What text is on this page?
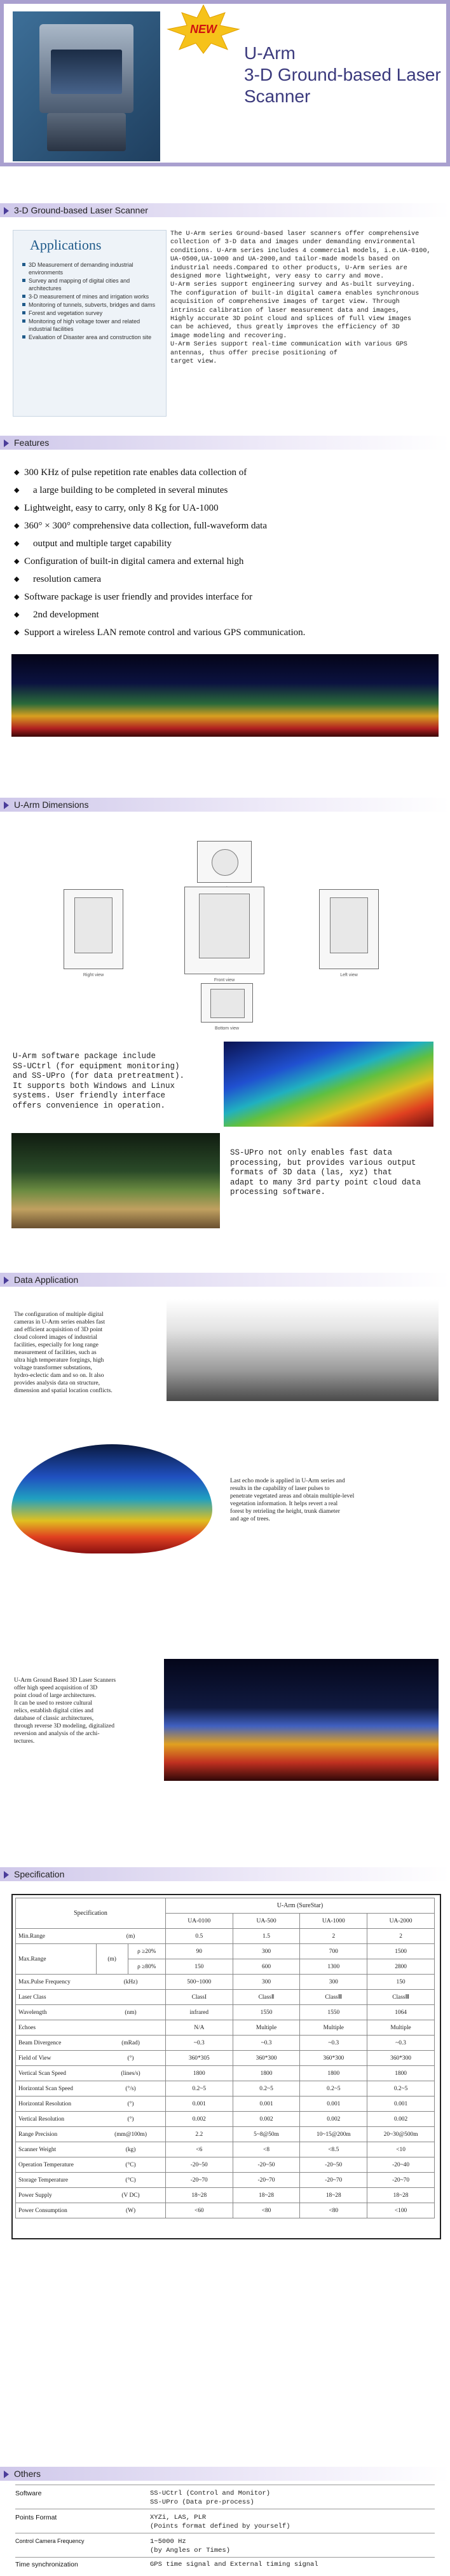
NEW
U-Arm
3-D Ground-based Laser
Scanner
3-D Ground-based Laser Scanner
Applications
3D Measurement of demanding industrial environments
Survey and mapping of digital cities and architectures
3-D measurement of mines and irrigation works
Monitoring of tunnels, subverts, bridges and dams
Forest and vegetation survey
Monitoring of high voltage tower and related industrial facilities
Evaluation of Disaster area and construction site
The U-Arm series Ground-based laser scanners offer comprehensive
collection of 3-D data and images under demanding environmental
conditions. U-Arm series includes 4 commercial models, i.e.UA-0100,
UA-0500,UA-1000 and UA-2000,and tailor-made models based on
industrial needs.Compared to other products, U-Arm series are
designed more lightweight, very easy to carry and move.
U-Arm series support engineering survey and As-built surveying.
The configuration of built-in digital camera enables synchronous
acquisition of comprehensive images of target view. Through
intrinsic calibration of laser measurement data and images,
Highly accurate 3D point cloud and splices of full view images
can be achieved, thus greatly improves the efficiency of 3D
image modeling and recovering.
U-Arm Series support real-time communication with various GPS
antennas, thus offer precise positioning of
target view.
Features
◆ 300 KHz of pulse repetition rate enables data collection of
◆ a large building to be completed in several minutes
◆ Lightweight, easy to carry, only 8 Kg for UA-1000
◆ 360° × 300° comprehensive data collection, full-waveform data
◆ output and multiple target capability
◆ Configuration of built-in digital camera and external high
◆ resolution camera
◆ Software package is user friendly and provides interface for
◆ 2nd development
◆ Support a wireless LAN remote control and various GPS communication.
U-Arm Dimensions
Right view
Front view
Left view
Bottom view
U-Arm software package include
SS-UCtrl (for equipment monitoring)
and SS-UPro (for data pretreatment).
It supports both Windows and Linux
systems. User friendly interface
offers convenience in operation.
SS-UPro not only enables fast data
processing, but provides various output
formats of 3D data (las, xyz) that
adapt to many 3rd party point cloud data
processing software.
Data Application
The configuration of multiple digital
cameras in U-Arm series enables fast
and efficient acquisition of 3D point
cloud colored images of industrial
facilities, especially for long range
measurement of facilities, such as
ultra high temperature forgings, high
voltage transformer substations,
hydro-eclectic dam and so on. It also
provides analysis data on structure,
dimension and spatial location conflicts.
Last echo mode is applied in U-Arm series and
results in the capability of laser pulses to
penetrate vegetated areas and obtain multiple-level
vegetation information. It helps revert a real
forest by retrieling the height, trunk diameter
and age of trees.
U-Arm Ground Based 3D Laser Scanners
offer high speed acquisition of 3D
point cloud of large architectures.
It can be used to restore cultural
relics, establish digital cities and
database of classic architectures,
through reverse 3D modeling, digitalized
reversion and analysis of the archi-
tectures.
Specification
Specification			U-Arm (SureStar)			
			UA-0100	UA-500	UA-1000	UA-2000
Min.Range	(m)		0.5	1.5	2	2
Max.Range	(m)	ρ ≥20%	90	300	700	1500
		ρ ≥80%	150	600	1300	2800
Max.Pulse Frequency	(kHz)		500~1000	300	300	150
Laser Class			ClassI	ClassⅡ	ClassⅢ	ClassⅢ
Wavelength	(nm)		infrared	1550	1550	1064
Echoes			N/A	Multiple	Multiple	Multiple
Beam Divergence	(mRad)		~0.3	~0.3	~0.3	~0.3
Field of View	(°)		360*305	360*300	360*300	360*300
Vertical Scan Speed	(lines/s)		1800	1800	1800	1800
Horizontal Scan Speed	(°/s)		0.2~5	0.2~5	0.2~5	0.2~5
Horizontal Resolution	(°)		0.001	0.001	0.001	0.001
Vertical Resolution	(°)		0.002	0.002	0.002	0.002
Range Precision	(mm@100m)		2.2	5~8@50m	10~15@200m	20~30@500m
Scanner Weight	(kg)		<6	<8	<8.5	<10
Operation Temperature	(°C)		-20~50	-20~50	-20~50	-20~40
Storage Temperature	(°C)		-20~70	-20~70	-20~70	-20~70
Power Supply	(V DC)		18~28	18~28	18~28	18~28
Power Consumption	(W)		<60	<80	<80	<100
Others
Software	SS-UCtrl (Control and Monitor)
SS-UPro (Data pre-process)
Points Format	XYZi, LAS, PLR
(Points format defined by yourself)
Control Camera Frequency	1~5000 Hz
(by Angles or Times)
Time synchronization	GPS time signal and External timing signal
